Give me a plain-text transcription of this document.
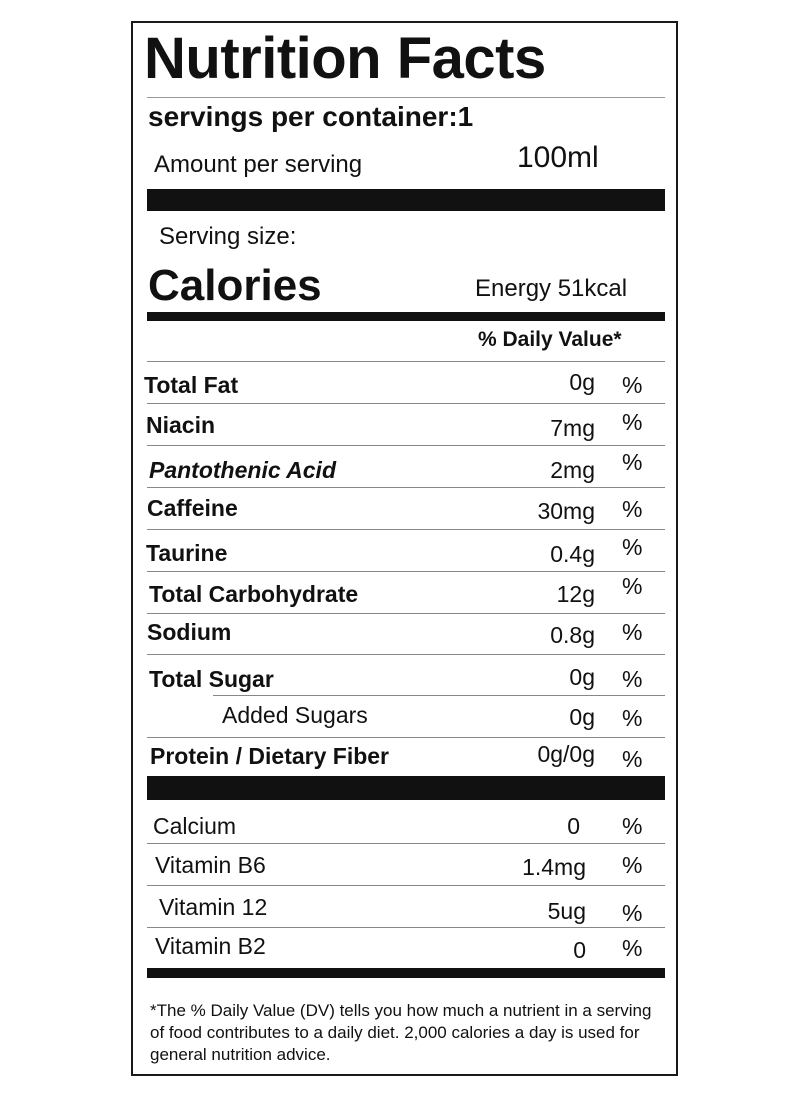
Nutrition Facts
servings per container:1
Amount per serving	100ml
Serving size:
Calories	Energy 51kcal
% Daily Value*
Total Fat	0g %
Niacin	7mg %
Pantothenic Acid	2mg %
Caffeine	30mg %
Taurine	0.4g %
Total Carbohydrate	12g %
Sodium	0.8g %
Total Sugar	0g %
Added Sugars	0g %
Protein / Dietary Fiber	0g/0g %
Calcium	0 %
Vitamin B6	1.4mg %
Vitamin 12	5ug %
Vitamin B2	0 %
*The % Daily Value (DV) tells you how much a nutrient in a serving of food contributes to a daily diet. 2,000 calories a day is used for general nutrition advice.
